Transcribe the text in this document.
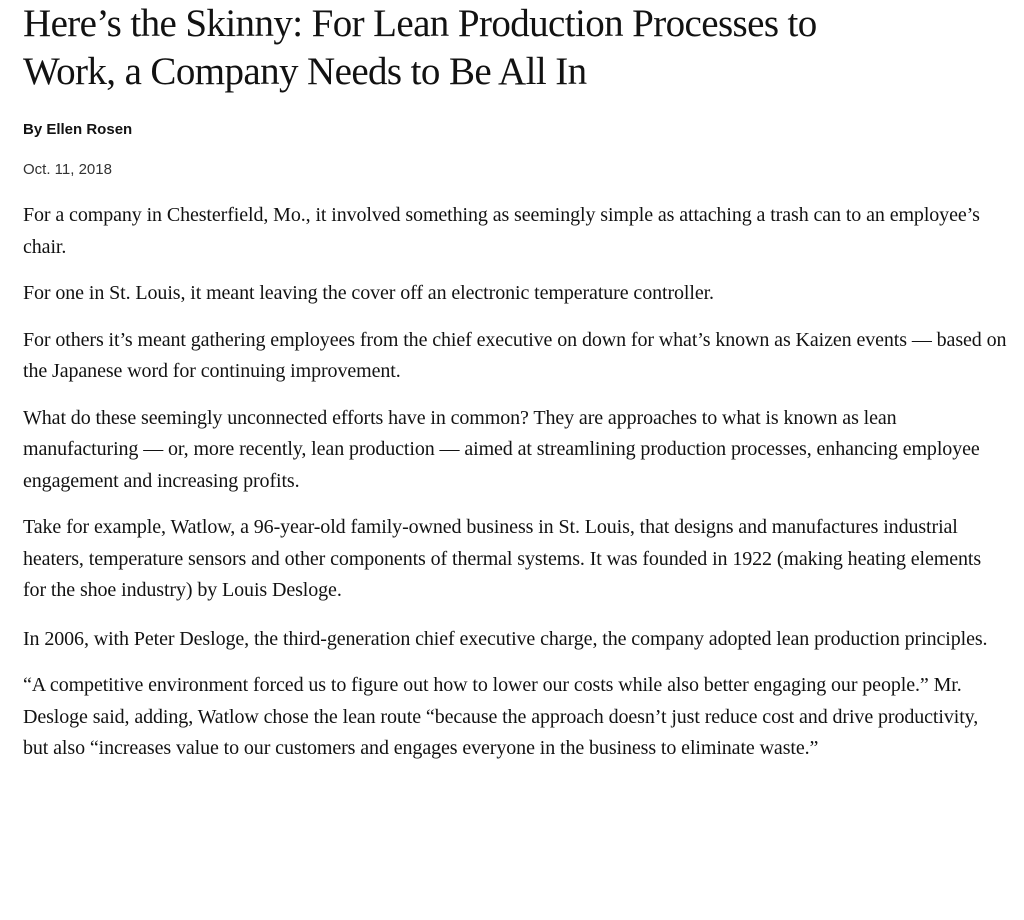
Here’s the Skinny: For Lean Production Processes to Work, a Company Needs to Be All In
By Ellen Rosen
Oct. 11, 2018

For a company in Chesterfield, Mo., it involved something as seemingly simple as attaching a trash can to an employee’s chair.

For one in St. Louis, it meant leaving the cover off an electronic temperature controller.

For others it’s meant gathering employees from the chief executive on down for what’s known as Kaizen events — based on the Japanese word for continuing improvement.

What do these seemingly unconnected efforts have in common? They are approaches to what is known as lean manufacturing — or, more recently, lean production — aimed at streamlining production processes, enhancing employee engagement and increasing profits.

Take for example, Watlow, a 96-year-old family-owned business in St. Louis, that designs and manufactures industrial heaters, temperature sensors and other components of thermal systems. It was founded in 1922 (making heating elements for the shoe industry) by Louis Desloge.

In 2006, with Peter Desloge, the third-generation chief executive charge, the company adopted lean production principles.

“A competitive environment forced us to figure out how to lower our costs while also better engaging our people.” Mr. Desloge said, adding, Watlow chose the lean route “because the approach doesn’t just reduce cost and drive productivity, but also “increases value to our customers and engages everyone in the business to eliminate waste.”
